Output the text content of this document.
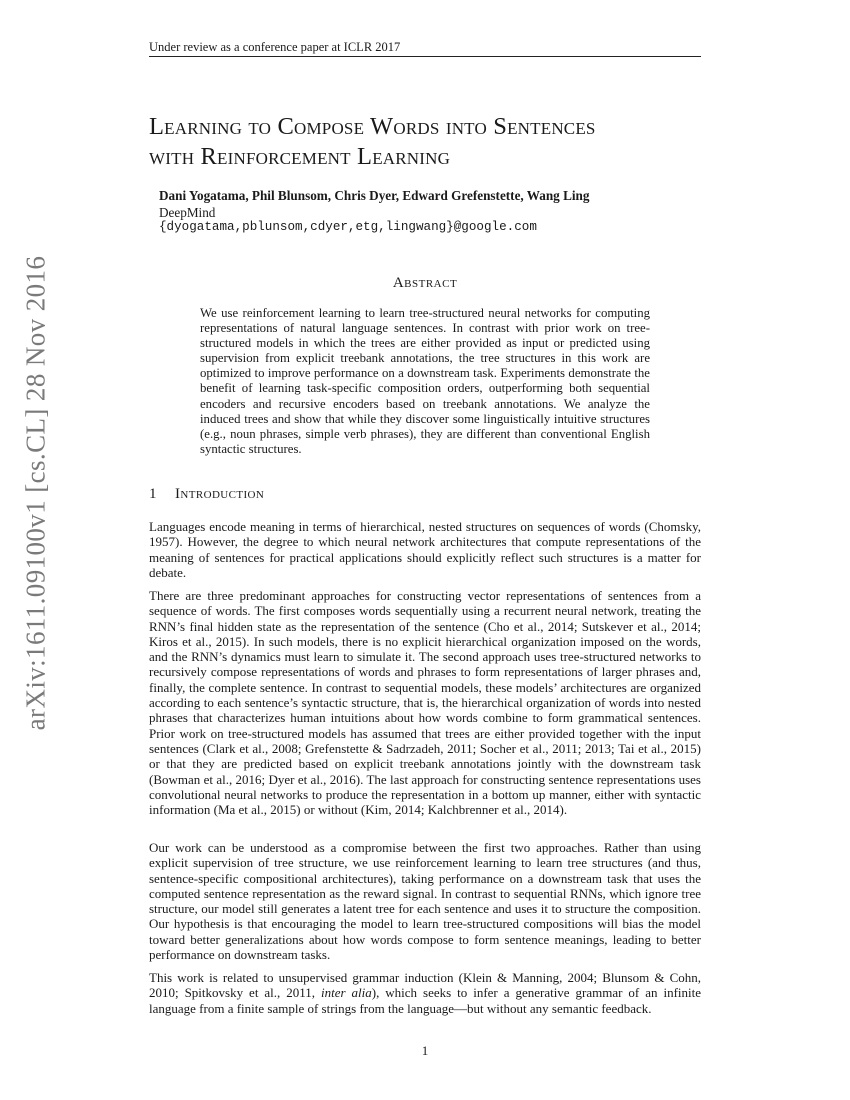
Under review as a conference paper at ICLR 2017
arXiv:1611.09100v1 [cs.CL] 28 Nov 2016
Learning to Compose Words into Sentences
with Reinforcement Learning
Dani Yogatama, Phil Blunsom, Chris Dyer, Edward Grefenstette, Wang Ling
DeepMind
{dyogatama,pblunsom,cdyer,etg,lingwang}@google.com
Abstract
We use reinforcement learning to learn tree-structured neural networks for computing representations of natural language sentences. In contrast with prior work on tree-structured models in which the trees are either provided as input or predicted using supervision from explicit treebank annotations, the tree structures in this work are optimized to improve performance on a downstream task. Experiments demonstrate the benefit of learning task-specific composition orders, outperforming both sequential encoders and recursive encoders based on treebank annotations. We analyze the induced trees and show that while they discover some linguistically intuitive structures (e.g., noun phrases, simple verb phrases), they are different than conventional English syntactic structures.
1 Introduction

Languages encode meaning in terms of hierarchical, nested structures on sequences of words (Chomsky, 1957). However, the degree to which neural network architectures that compute representations of the meaning of sentences for practical applications should explicitly reflect such structures is a matter for debate.

There are three predominant approaches for constructing vector representations of sentences from a sequence of words. The first composes words sequentially using a recurrent neural network, treating the RNN’s final hidden state as the representation of the sentence (Cho et al., 2014; Sutskever et al., 2014; Kiros et al., 2015). In such models, there is no explicit hierarchical organization imposed on the words, and the RNN’s dynamics must learn to simulate it. The second approach uses tree-structured networks to recursively compose representations of words and phrases to form representations of larger phrases and, finally, the complete sentence. In contrast to sequential models, these models’ architectures are organized according to each sentence’s syntactic structure, that is, the hierarchical organization of words into nested phrases that characterizes human intuitions about how words combine to form grammatical sentences. Prior work on tree-structured models has assumed that trees are either provided together with the input sentences (Clark et al., 2008; Grefenstette & Sadrzadeh, 2011; Socher et al., 2011; 2013; Tai et al., 2015) or that they are predicted based on explicit treebank annotations jointly with the downstream task (Bowman et al., 2016; Dyer et al., 2016). The last approach for constructing sentence representations uses convolutional neural networks to produce the representation in a bottom up manner, either with syntactic information (Ma et al., 2015) or without (Kim, 2014; Kalchbrenner et al., 2014).

Our work can be understood as a compromise between the first two approaches. Rather than using explicit supervision of tree structure, we use reinforcement learning to learn tree structures (and thus, sentence-specific compositional architectures), taking performance on a downstream task that uses the computed sentence representation as the reward signal. In contrast to sequential RNNs, which ignore tree structure, our model still generates a latent tree for each sentence and uses it to structure the composition. Our hypothesis is that encouraging the model to learn tree-structured compositions will bias the model toward better generalizations about how words compose to form sentence meanings, leading to better performance on downstream tasks.

This work is related to unsupervised grammar induction (Klein & Manning, 2004; Blunsom & Cohn, 2010; Spitkovsky et al., 2011, inter alia), which seeks to infer a generative grammar of an infinite language from a finite sample of strings from the language—but without any semantic feedback.

1
